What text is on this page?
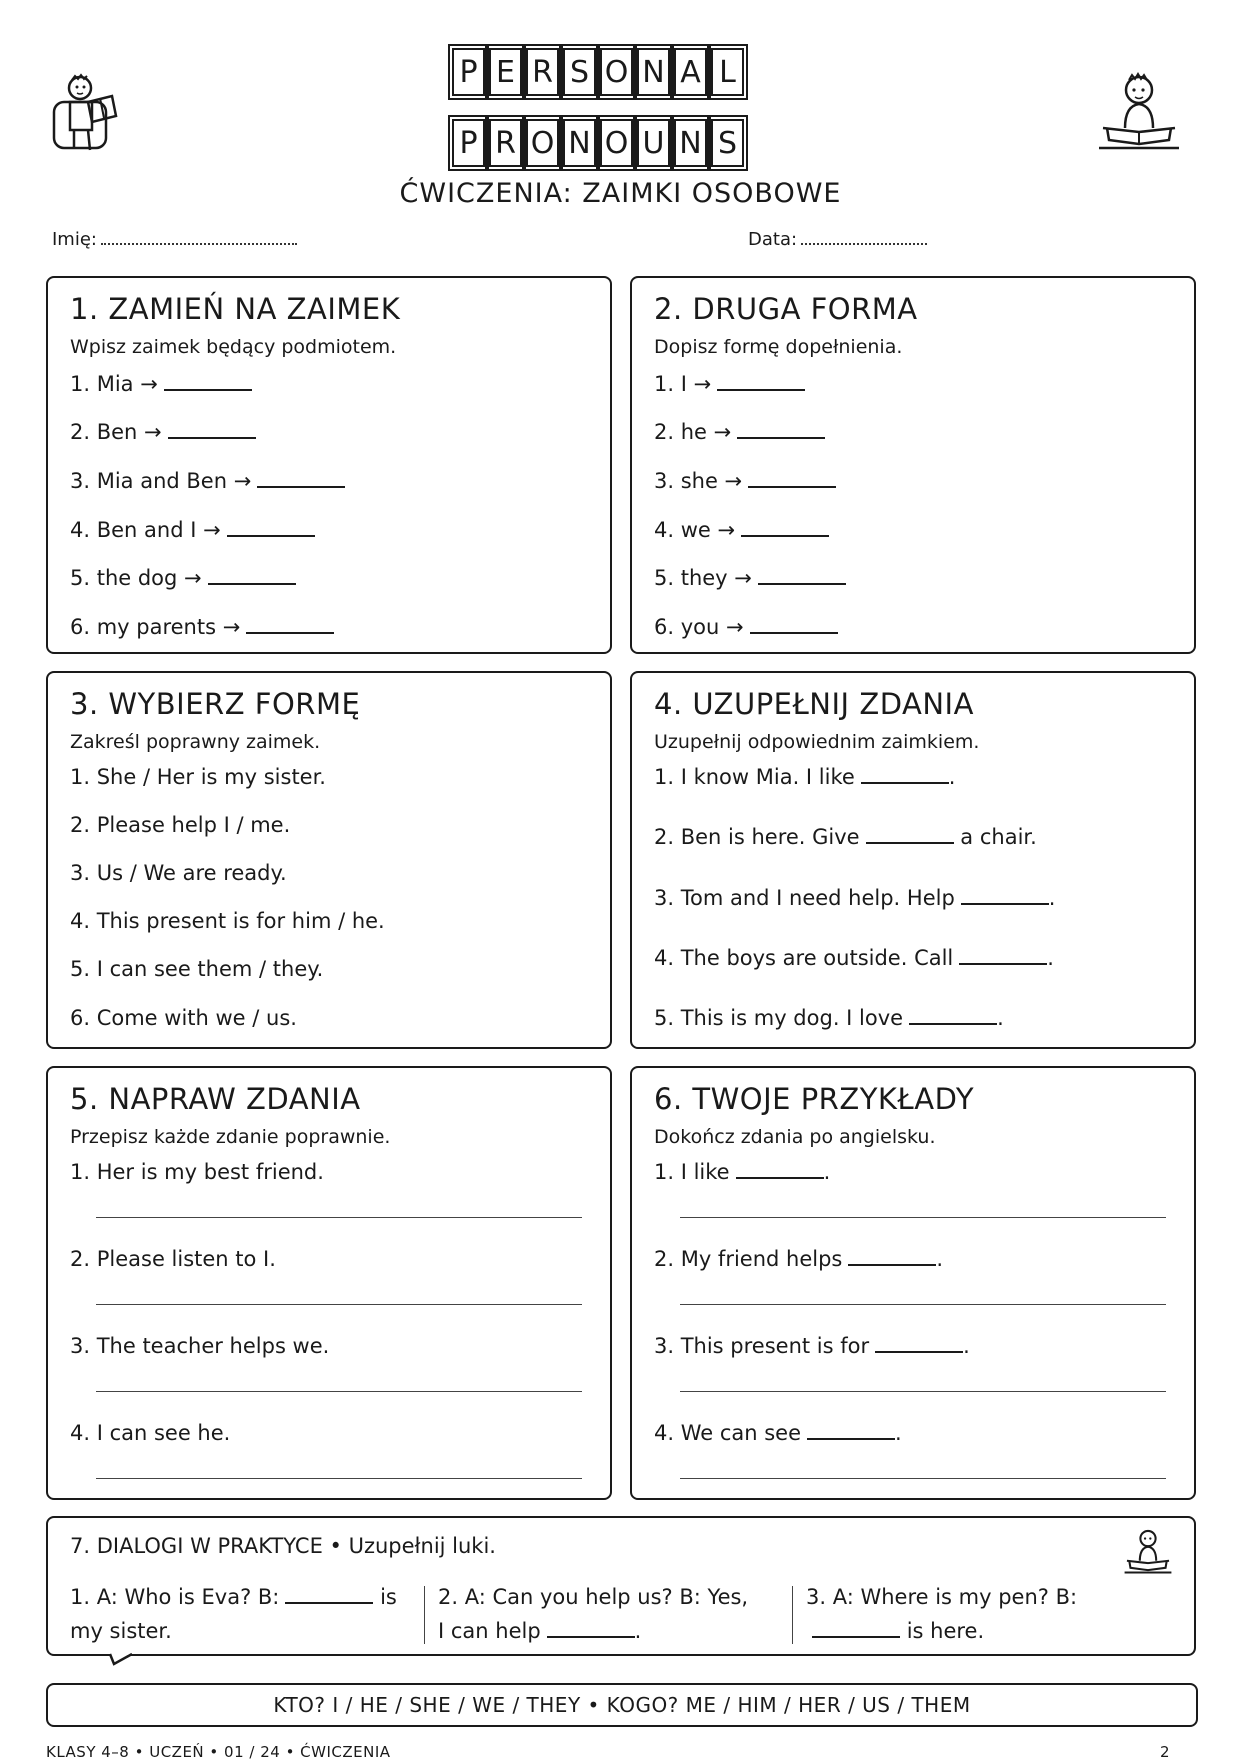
P E R S O N A L
P R O N O U N S
ĆWICZENIA: ZAIMKI OSOBOWE
Imię:	Data:
1. ZAMIEŃ NA ZAIMEK
Wpisz zaimek będący podmiotem.
1. Mia →
2. Ben →
3. Mia and Ben →
4. Ben and I →
5. the dog →
6. my parents →
2. DRUGA FORMA
Dopisz formę dopełnienia.
1. I →
2. he →
3. she →
4. we →
5. they →
6. you →
3. WYBIERZ FORMĘ
Zakreśl poprawny zaimek.
1. She / Her is my sister.
2. Please help I / me.
3. Us / We are ready.
4. This present is for him / he.
5. I can see them / they.
6. Come with we / us.
4. UZUPEŁNIJ ZDANIA
Uzupełnij odpowiednim zaimkiem.
1. I know Mia. I like	.
2. Ben is here. Give	a chair.
3. Tom and I need help. Help	.
4. The boys are outside. Call	.
5. This is my dog. I love	.
5. NAPRAW ZDANIA
Przepisz każde zdanie poprawnie.
1. Her is my best friend.
2. Please listen to I.
3. The teacher helps we.
4. I can see he.
6. TWOJE PRZYKŁADY
Dokończ zdania po angielsku.
1. I like	.
2. My friend helps	.
3. This present is for	.
4. We can see	.
7. DIALOGI W PRAKTYCE • Uzupełnij luki.
1. A: Who is Eva? B:	is my sister.
2. A: Can you help us? B: Yes, I can help	.
3. A: Where is my pen? B: is here.
KTO? I / HE / SHE / WE / THEY • KOGO? ME / HIM / HER / US / THEM
KLASY 4–8 • UCZEŃ • 01 / 24 • ĆWICZENIA	2
